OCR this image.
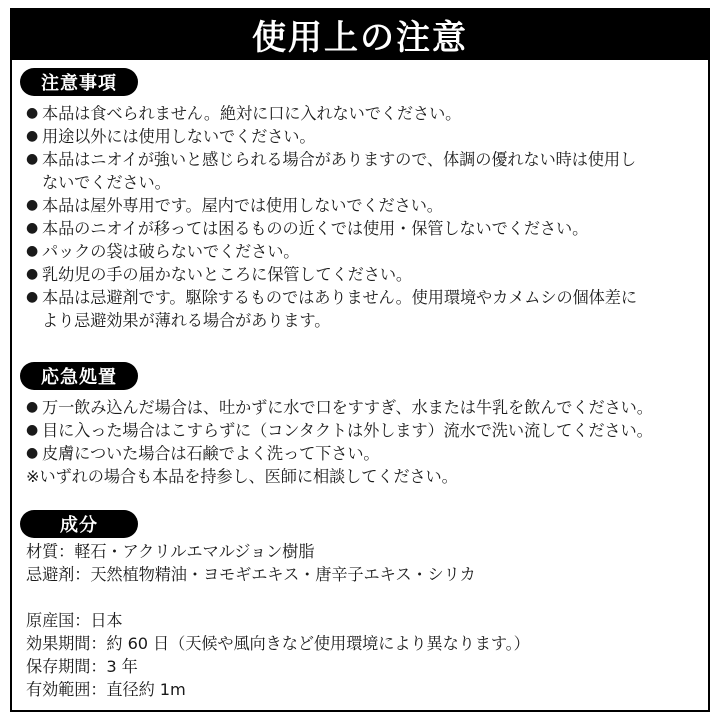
使用上の注意
注意事項
● 本品は食べられません。絶対に口に入れないでください。
● 用途以外には使用しないでください。
● 本品はニオイが強いと感じられる場合がありますので、体調の優れない時は使用し
ないでください。
● 本品は屋外専用です。屋内では使用しないでください。
● 本品のニオイが移っては困るものの近くでは使用・保管しないでください。
● パックの袋は破らないでください。
● 乳幼児の手の届かないところに保管してください。
● 本品は忌避剤です。駆除するものではありません。使用環境やカメムシの個体差に
より忌避効果が薄れる場合があります。
応急処置
● 万一飲み込んだ場合は、吐かずに水で口をすすぎ、水または牛乳を飲んでください。
● 目に入った場合はこすらずに（コンタクトは外します）流水で洗い流してください。
● 皮膚についた場合は石鹸でよく洗って下さい。
※いずれの場合も本品を持参し、医師に相談してください。
成分
材質：軽石・アクリルエマルジョン樹脂
忌避剤：天然植物精油・ヨモギエキス・唐辛子エキス・シリカ
原産国：日本
効果期間：約 60 日（天候や風向きなど使用環境により異なります。）
保存期間：3 年
有効範囲：直径約 1m
